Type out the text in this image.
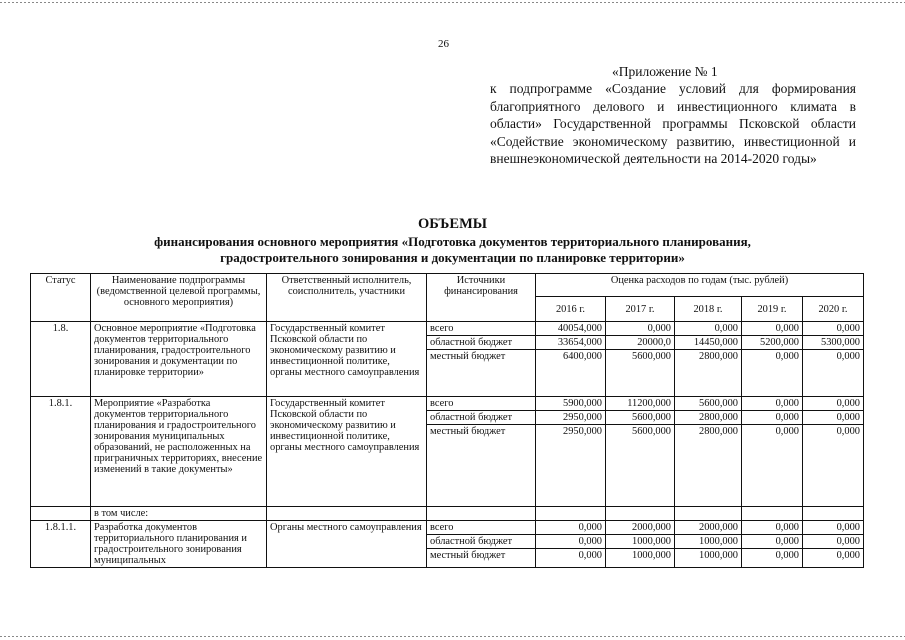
26
«Приложение № 1
к подпрограмме «Создание условий для формирования благоприятного делового и инвестиционного климата в области» Государственной программы Псковской области «Содействие экономическому развитию, инвестиционной и внешнеэкономической деятельности на 2014-2020 годы»
ОБЪЕМЫ
финансирования основного мероприятия «Подготовка документов территориального планирования,
градостроительного зонирования и документации по планировке территории»
Статус	Наименование подпрограммы (ведомственной целевой программы, основного мероприятия)	Ответственный исполнитель, соисполнитель, участники	Источники финансирования	Оценка расходов по годам (тыс. рублей)				
				2016 г.	2017 г.	2018 г.	2019 г.	2020 г.
1.8.	Основное мероприятие «Подготовка документов территориального планирования, градостроительного зонирования и документации по планировке территории»	Государственный комитет Псковской области по экономическому развитию и инвестиционной политике, органы местного самоуправления	всего	40054,000	0,000	0,000	0,000	0,000
			областной бюджет	33654,000	20000,0	14450,000	5200,000	5300,000
			местный бюджет	6400,000	5600,000	2800,000	0,000	0,000
1.8.1.	Мероприятие «Разработка документов территориального планирования и градостроительного зонирования муниципальных образований, не расположенных на приграничных территориях, внесение изменений в такие документы»	Государственный комитет Псковской области по экономическому развитию и инвестиционной политике, органы местного самоуправления	всего	5900,000	11200,000	5600,000	0,000	0,000
			областной бюджет	2950,000	5600,000	2800,000	0,000	0,000
			местный бюджет	2950,000	5600,000	2800,000	0,000	0,000
	в том числе:							
1.8.1.1.	Разработка документов территориального планирования и градостроительного зонирования муниципальных	Органы местного самоуправления	всего	0,000	2000,000	2000,000	0,000	0,000
			областной бюджет	0,000	1000,000	1000,000	0,000	0,000
			местный бюджет	0,000	1000,000	1000,000	0,000	0,000
